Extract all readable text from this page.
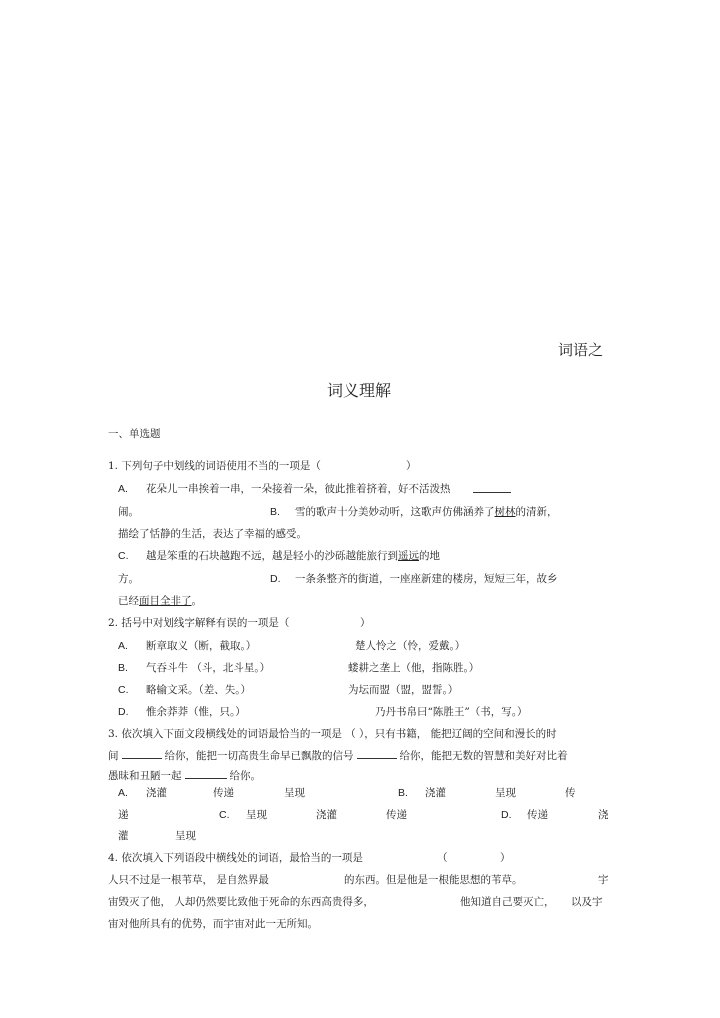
词语之
词义理解
一、单选题
1. 下列句子中划线的词语使用不当的一项是（	）
A. 花朵儿一串挨着一串，一朵接着一朵，彼此推着挤着，好不活泼热
闹。	B. 雪的歌声十分美妙动听，这歌声仿佛涵养了树林的清新，
描绘了恬静的生活，表达了幸福的感受。
C. 越是笨重的石块越跑不远，越是轻小的沙砾越能旅行到遥远的地
方。	D. 一条条整齐的街道，一座座新建的楼房，短短三年，故乡
已经面目全非了。
2. 括号中对划线字解释有误的一项是（	）
A. 断章取义（断，截取。）	楚人怜之（怜，爱戴。）
B. 气吞斗牛 （斗，北斗星。）	蝼耕之垄上（他，指陈胜。）
C. 略输文采。（差、失。）	为坛而盟（盟，盟誓。）
D. 惟余莽莽（惟，只。）	乃丹书帛曰“陈胜王”（书，写。）
3. 依次填入下面文段横线处的词语最恰当的一项是 （ ），只有书籍， 能把辽阔的空间和漫长的时
间	给你，能把一切高贵生命早已飘散的信号	给你，能把无数的智慧和美好对比着
愚昧和丑陋一起	给你。
A. 浇灌	传递	呈现	B. 浇灌	呈现	传
递	C. 呈现	浇灌	传递	D. 传递	浇
灌	呈现
4. 依次填入下列语段中横线处的词语，最恰当的一项是	（	）
人只不过是一根苇草， 是自然界最	的东西。但是他是一根能思想的苇草。	宇
宙毁灭了他， 人却仍然要比致他于死命的东西高贵得多，	他知道自己要灭亡， 以及宇
宙对他所具有的优势，而宇宙对此一无所知。
